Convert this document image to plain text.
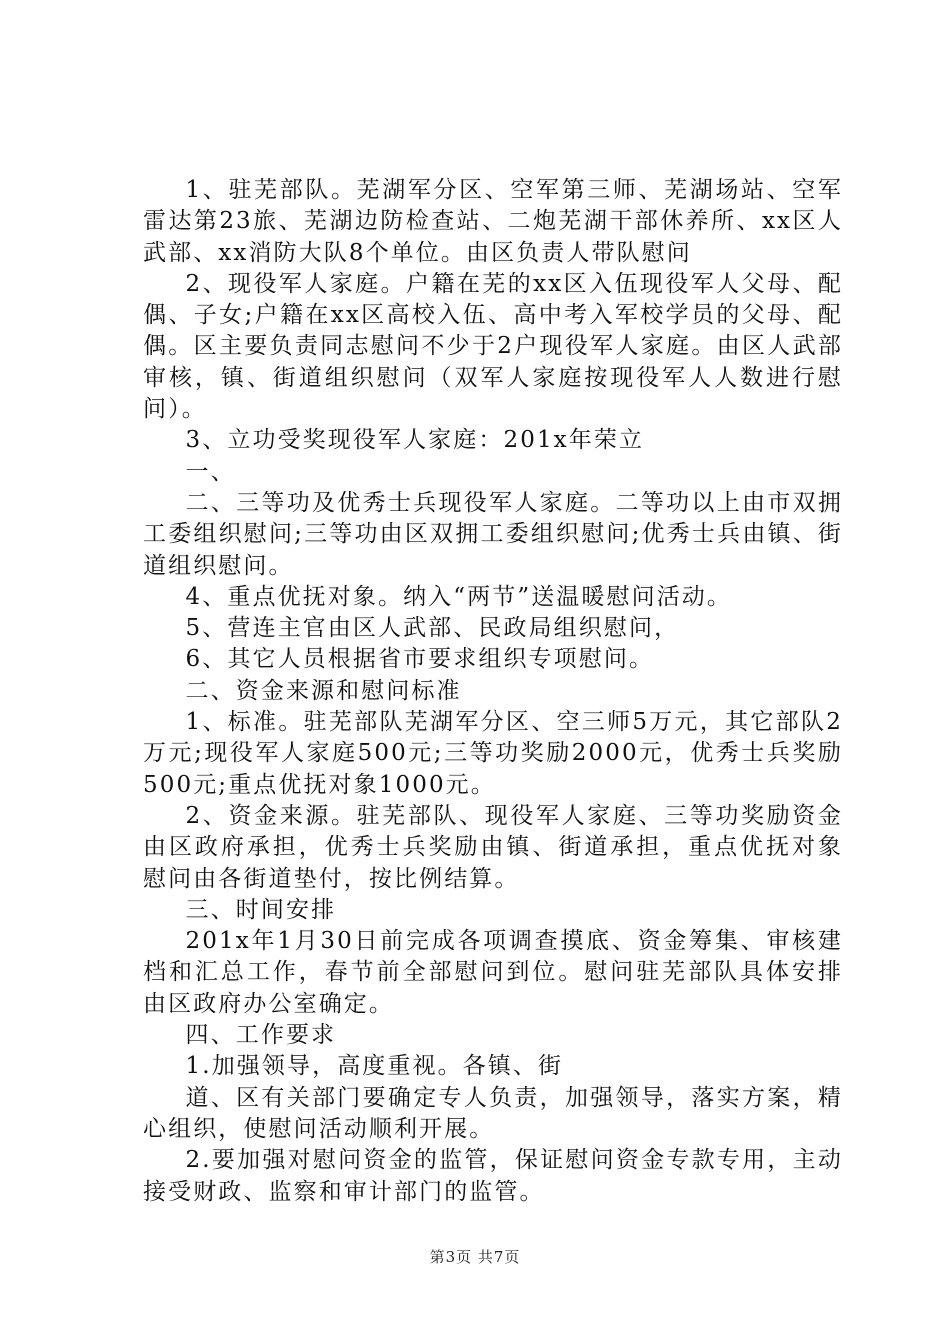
1、驻芜部队。芜湖军分区、空军第三师、芜湖场站、空军雷达第23旅、芜湖边防检查站、二炮芜湖干部休养所、xx区人武部、xx消防大队8个单位。由区负责人带队慰问

2、现役军人家庭。户籍在芜的xx区入伍现役军人父母、配偶、子女;户籍在xx区高校入伍、高中考入军校学员的父母、配偶。区主要负责同志慰问不少于2户现役军人家庭。由区人武部审核，镇、街道组织慰问（双军人家庭按现役军人人数进行慰问）。

3、立功受奖现役军人家庭：201x年荣立

一、

二、三等功及优秀士兵现役军人家庭。二等功以上由市双拥工委组织慰问;三等功由区双拥工委组织慰问;优秀士兵由镇、街道组织慰问。

4、重点优抚对象。纳入“两节”送温暖慰问活动。

5、营连主官由区人武部、民政局组织慰问，

6、其它人员根据省市要求组织专项慰问。

二、资金来源和慰问标准

1、标准。驻芜部队芜湖军分区、空三师5万元，其它部队2万元;现役军人家庭500元;三等功奖励2000元，优秀士兵奖励500元;重点优抚对象1000元。

2、资金来源。驻芜部队、现役军人家庭、三等功奖励资金由区政府承担，优秀士兵奖励由镇、街道承担，重点优抚对象慰问由各街道垫付，按比例结算。

三、时间安排

201x年1月30日前完成各项调查摸底、资金筹集、审核建档和汇总工作，春节前全部慰问到位。慰问驻芜部队具体安排由区政府办公室确定。

四、工作要求

1.加强领导，高度重视。各镇、街

道、区有关部门要确定专人负责，加强领导，落实方案，精心组织，使慰问活动顺利开展。

2.要加强对慰问资金的监管，保证慰问资金专款专用，主动接受财政、监察和审计部门的监管。

第3页 共7页
